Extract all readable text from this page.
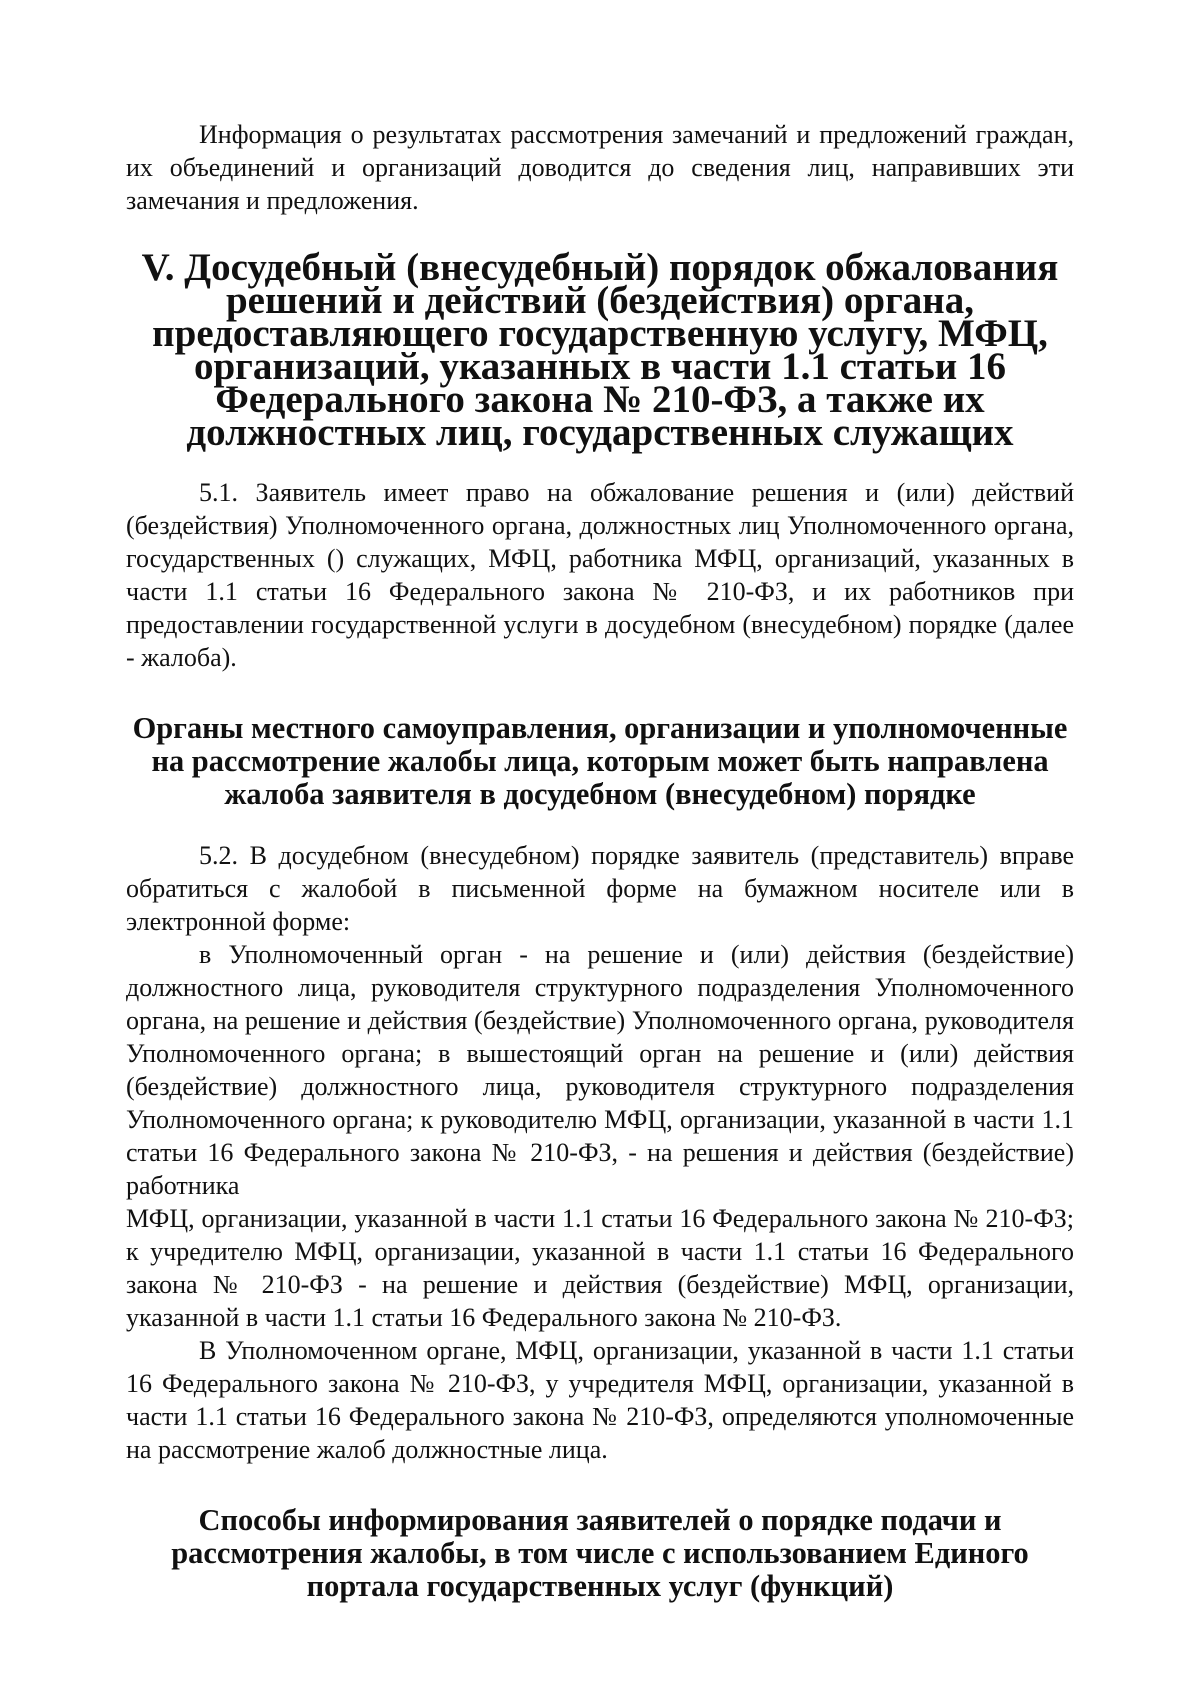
Информация о результатах рассмотрения замечаний и предложений граждан, их объединений и организаций доводится до сведения лиц, направивших эти замечания и предложения.

V. Досудебный (внесудебный) порядок обжалования решений и действий (бездействия) органа, предоставляющего государственную услугу, МФЦ, организаций, указанных в части 1.1 статьи 16 Федерального закона № 210-ФЗ, а также их должностных лиц, государственных служащих

5.1. Заявитель имеет право на обжалование решения и (или) действий (бездействия) Уполномоченного органа, должностных лиц Уполномоченного органа, государственных () служащих, МФЦ, работника МФЦ, организаций, указанных в части 1.1 статьи 16 Федерального закона № 210-ФЗ, и их работников при предоставлении государственной услуги в досудебном (внесудебном) порядке (далее - жалоба).

Органы местного самоуправления, организации и уполномоченные на рассмотрение жалобы лица, которым может быть направлена жалоба заявителя в досудебном (внесудебном) порядке

5.2. В досудебном (внесудебном) порядке заявитель (представитель) вправе обратиться с жалобой в письменной форме на бумажном носителе или в электронной форме:

в Уполномоченный орган - на решение и (или) действия (бездействие) должностного лица, руководителя структурного подразделения Уполномоченного органа, на решение и действия (бездействие) Уполномоченного органа, руководителя Уполномоченного органа; в вышестоящий орган на решение и (или) действия (бездействие) должностного лица, руководителя структурного подразделения Уполномоченного органа; к руководителю МФЦ, организации, указанной в части 1.1 статьи 16 Федерального закона № 210-ФЗ, - на решения и действия (бездействие) работника

МФЦ, организации, указанной в части 1.1 статьи 16 Федерального закона № 210-ФЗ; к учредителю МФЦ, организации, указанной в части 1.1 статьи 16 Федерального закона № 210-ФЗ - на решение и действия (бездействие) МФЦ, организации, указанной в части 1.1 статьи 16 Федерального закона № 210-ФЗ.

В Уполномоченном органе, МФЦ, организации, указанной в части 1.1 статьи 16 Федерального закона № 210-ФЗ, у учредителя МФЦ, организации, указанной в части 1.1 статьи 16 Федерального закона № 210-ФЗ, определяются уполномоченные на рассмотрение жалоб должностные лица.

Способы информирования заявителей о порядке подачи и рассмотрения жалобы, в том числе с использованием Единого портала государственных услуг (функций)
